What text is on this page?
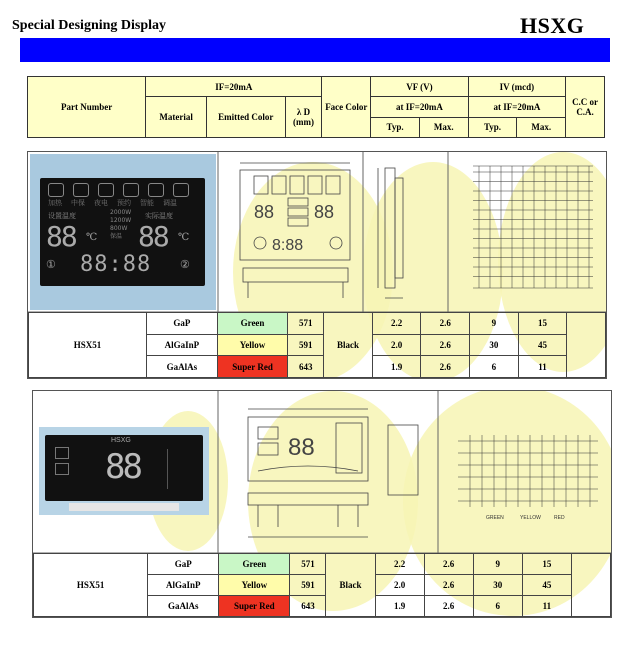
Special Designing Display	HSXG
Part Number	IF=20mA			Face Color	VF (V)		IV (mcd)		C.C or C.A.
	Material	Emitted Color	λ D (mm)		at IF=20mA		at IF=20mA		
					Typ.	Max.	Typ.	Max.	
加热 中保 夜电 预约 智能 调温
设置温度	实际温度
2000W
1200W
800W
保温
88 ℃ 88 ℃
① 88:88	②
88 88
8:88
HSX51	GaP	Green	571	Black	2.2	2.6	9	15	
	AlGaInP	Yellow	591		2.0	2.6	30	45	
	GaAlAs	Super Red	643		1.9	2.6	6	11	
HSXG
88	88
GREEN	YELLOW	RED
HSX51	GaP	Green	571	Black	2.2	2.6	9	15	
	AlGaInP	Yellow	591		2.0	2.6	30	45	
	GaAlAs	Super Red	643		1.9	2.6	6	11	
